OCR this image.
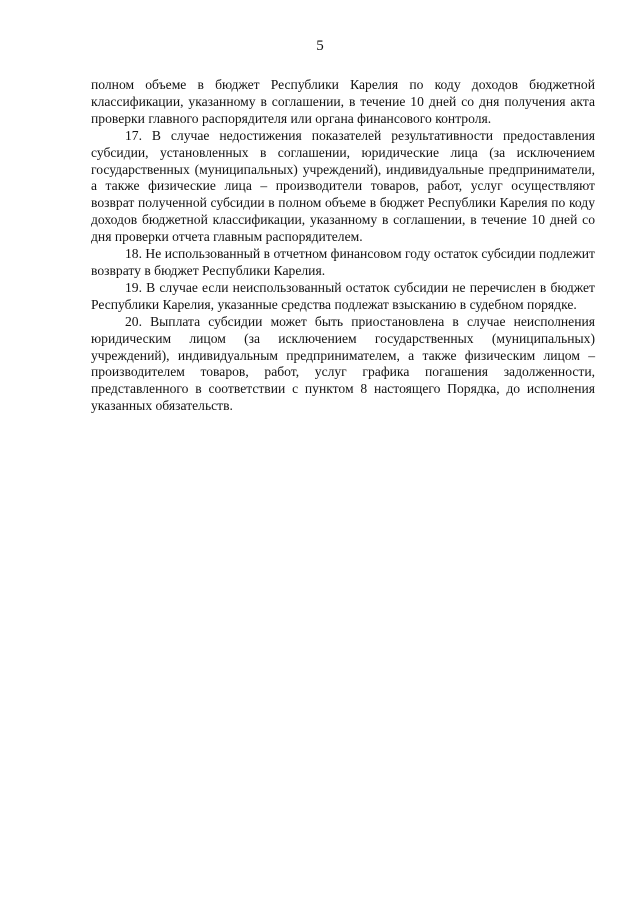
5

полном объеме в бюджет Республики Карелия по коду доходов бюджетной классификации, указанному в соглашении, в течение 10 дней со дня получения акта проверки главного распорядителя или органа финансового контроля.

17. В случае недостижения показателей результативности предоставления субсидии, установленных в соглашении, юридические лица (за исключением государственных (муниципальных) учреждений), индивидуальные предприниматели, а также физические лица – производители товаров, работ, услуг осуществляют возврат полученной субсидии в полном объеме в бюджет Республики Карелия по коду доходов бюджетной классификации, указанному в соглашении, в течение 10 дней со дня проверки отчета главным распорядителем.

18. Не использованный в отчетном финансовом году остаток субсидии подлежит возврату в бюджет Республики Карелия.

19. В случае если неиспользованный остаток субсидии не перечислен в бюджет Республики Карелия, указанные средства подлежат взысканию в судебном порядке.

20. Выплата субсидии может быть приостановлена в случае неисполнения юридическим лицом (за исключением государственных (муниципальных) учреждений), индивидуальным предпринимателем, а также физическим лицом – производителем товаров, работ, услуг графика погашения задолженности, представленного в соответствии с пунктом 8 настоящего Порядка, до исполнения указанных обязательств.
